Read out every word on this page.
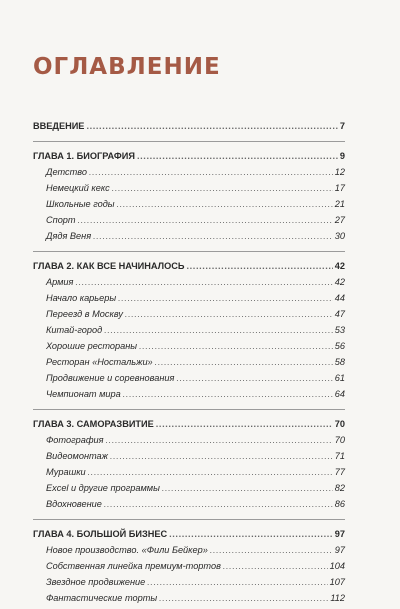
ОГЛАВЛЕНИЕ
ВВЕДЕНИЕ .....	7
ГЛАВА 1. БИОГРАФИЯ .....	9
Детство .....	12
Немецкий кекс .....	17
Школьные годы .....	21
Спорт .....	27
Дядя Веня .....	30
ГЛАВА 2. КАК ВСЕ НАЧИНАЛОСЬ .....	42
Армия .....	42
Начало карьеры .....	44
Переезд в Москву .....	47
Китай-город .....	53
Хорошие рестораны .....	56
Ресторан «Ностальжи» .....	58
Продвижение и соревнования .....	61
Чемпионат мира .....	64
ГЛАВА 3. САМОРАЗВИТИЕ .....	70
Фотография .....	70
Видеомонтаж .....	71
Мурашки .....	77
Excel и другие программы .....	82
Вдохновение .....	86
ГЛАВА 4. БОЛЬШОЙ БИЗНЕС .....	97
Новое производство. «Фили Бейкер» .....	97
Собственная линейка премиум-тортов .....	104
Звездное продвижение .....	107
Фантастические торты .....	112
